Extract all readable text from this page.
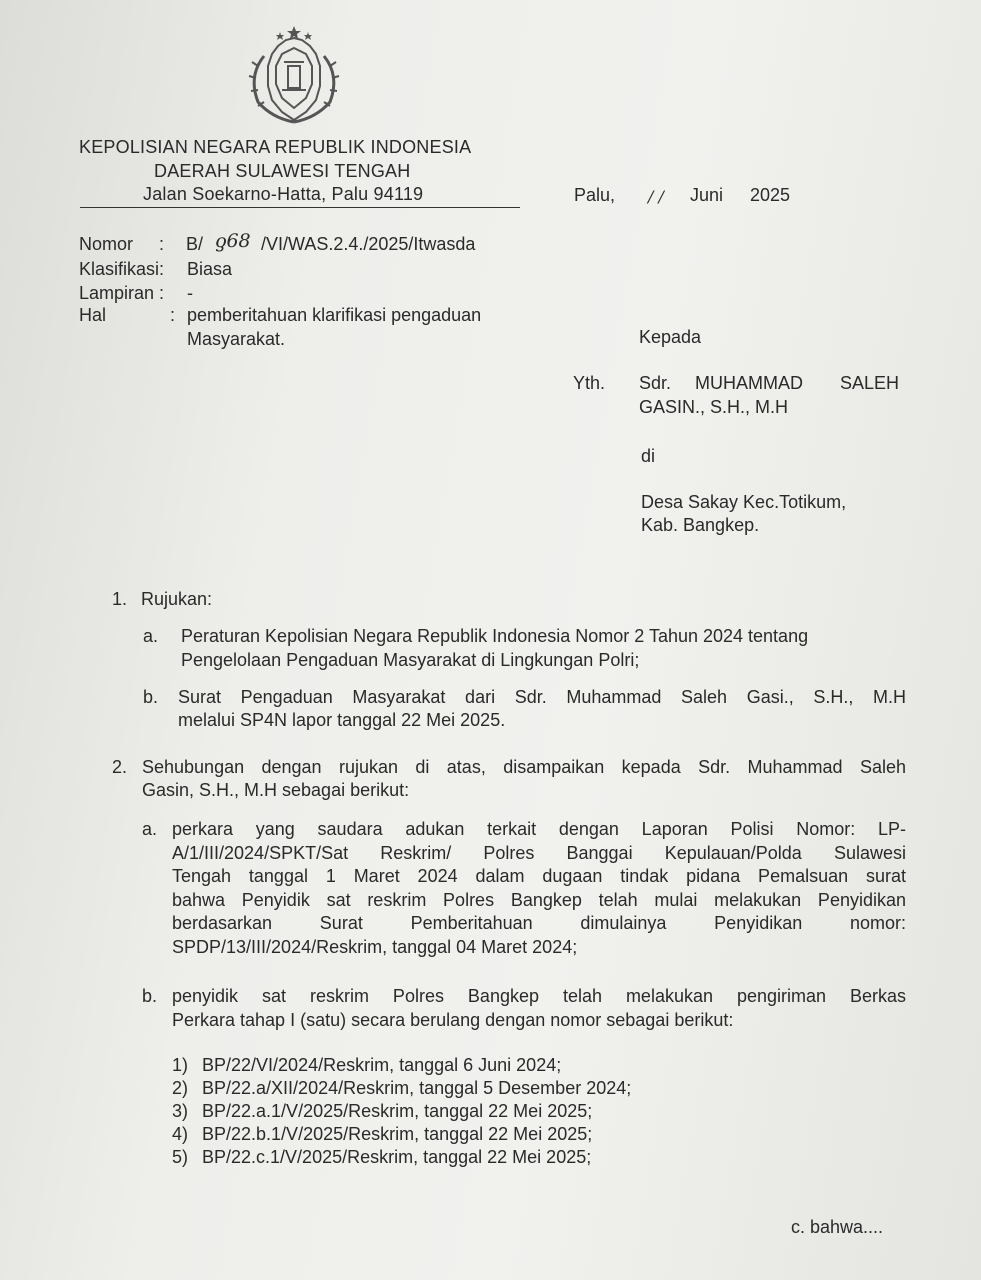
KEPOLISIAN NEGARA REPUBLIK INDONESIA
DAERAH SULAWESI TENGAH
Jalan Soekarno-Hatta, Palu 94119	Palu, / / Juni 2025
Nomor : B/ ƍ68 /VI/WAS.2.4./2025/Itwasda
Klasifikasi: Biasa
Lampiran : -
Hal	: pemberitahuan klarifikasi pengaduan
Masyarakat.	Kepada
Yth. Sdr. MUHAMMAD SALEH
GASIN., S.H., M.H
di
Desa Sakay Kec.Totikum,
Kab. Bangkep.
1. Rujukan:
a. Peraturan Kepolisian Negara Republik Indonesia Nomor 2 Tahun 2024 tentang
Pengelolaan Pengaduan Masyarakat di Lingkungan Polri;
b. Surat Pengaduan Masyarakat dari Sdr. Muhammad Saleh Gasi., S.H., M.H
melalui SP4N lapor tanggal 22 Mei 2025.
2. Sehubungan dengan rujukan di atas, disampaikan kepada Sdr. Muhammad Saleh
Gasin, S.H., M.H sebagai berikut:
a. perkara yang saudara adukan terkait dengan Laporan Polisi Nomor: LP-
A/1/III/2024/SPKT/Sat Reskrim/ Polres Banggai Kepulauan/Polda Sulawesi
Tengah tanggal 1 Maret 2024 dalam dugaan tindak pidana Pemalsuan surat
bahwa Penyidik sat reskrim Polres Bangkep telah mulai melakukan Penyidikan
berdasarkan Surat Pemberitahuan dimulainya Penyidikan nomor:
SPDP/13/III/2024/Reskrim, tanggal 04 Maret 2024;
b. penyidik sat reskrim Polres Bangkep telah melakukan pengiriman Berkas
Perkara tahap I (satu) secara berulang dengan nomor sebagai berikut:
1) BP/22/VI/2024/Reskrim, tanggal 6 Juni 2024;
2) BP/22.a/XII/2024/Reskrim, tanggal 5 Desember 2024;
3) BP/22.a.1/V/2025/Reskrim, tanggal 22 Mei 2025;
4) BP/22.b.1/V/2025/Reskrim, tanggal 22 Mei 2025;
5) BP/22.c.1/V/2025/Reskrim, tanggal 22 Mei 2025;
c. bahwa....
